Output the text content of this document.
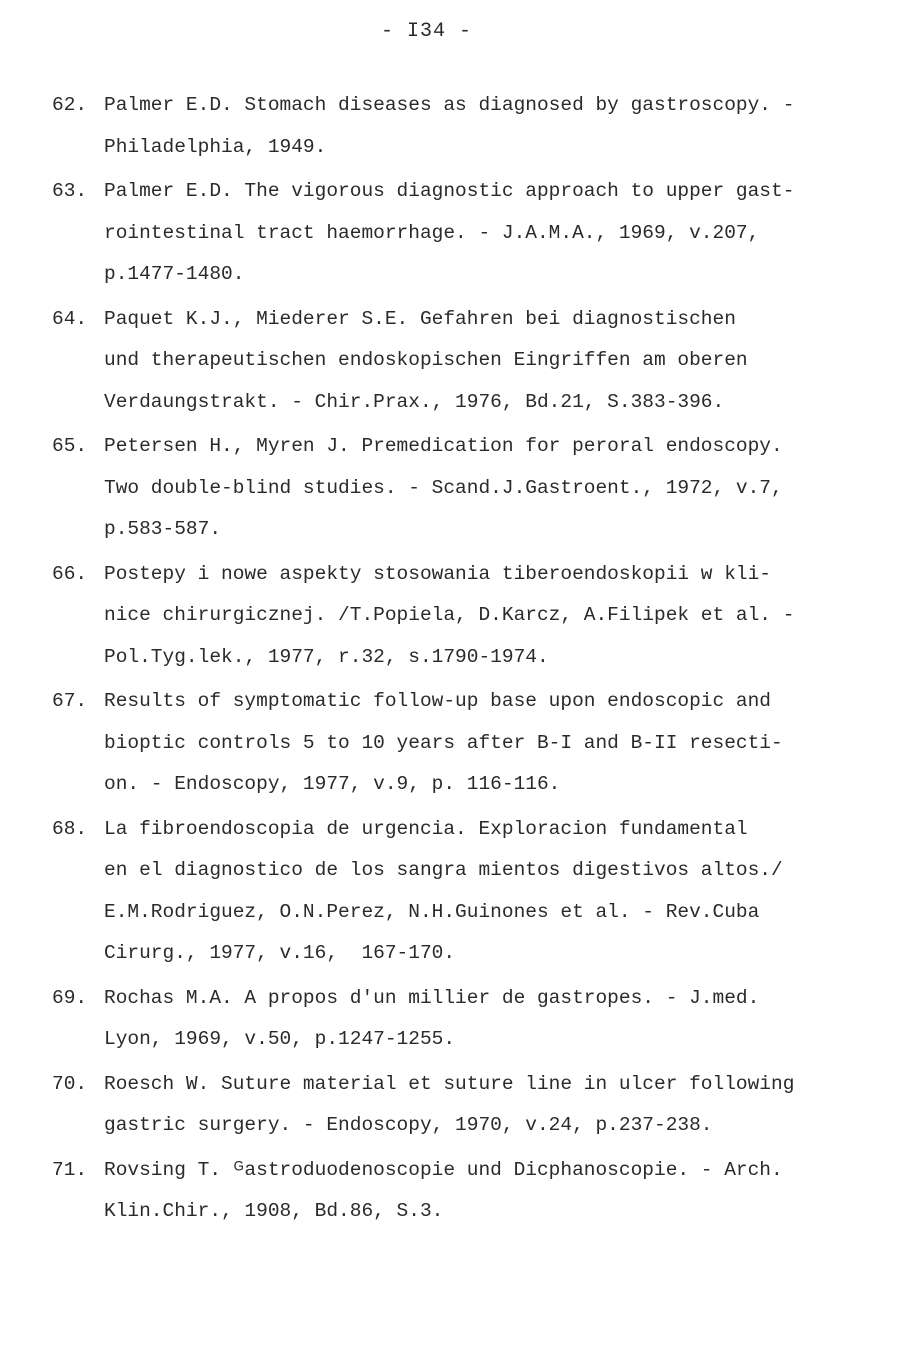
- I34 -
62. Palmer E.D. Stomach diseases as diagnosed by gastroscopy. -
Philadelphia, 1949.
63. Palmer E.D. The vigorous diagnostic approach to upper gast-
rointestinal tract haemorrhage. - J.A.M.A., 1969, v.207,
p.1477-1480.
64. Paquet K.J., Miederer S.E. Gefahren bei diagnostischen
und therapeutischen endoskopischen Eingriffen am oberen
Verdaungstrakt. - Chir.Prax., 1976, Bd.21, S.383-396.
65. Petersen H., Myren J. Premedication for peroral endoscopy.
Two double-blind studies. - Scand.J.Gastroent., 1972, v.7,
p.583-587.
66. Postepy i nowe aspekty stosowania tiberoendoskopii w kli-
nice chirurgicznej. /T.Popiela, D.Karcz, A.Filipek et al. -
Pol.Tyg.lek., 1977, r.32, s.1790-1974.
67. Results of symptomatic follow-up base upon endoscopic and
bioptic controls 5 to 10 years after B-I and B-II resecti-
on. - Endoscopy, 1977, v.9, p. 116-116.
68. La fibroendoscopia de urgencia. Exploracion fundamental
en el diagnostico de los sangra mientos digestivos altos./
E.M.Rodriguez, O.N.Perez, N.H.Guinones et al. - Rev.Cuba
Cirurg., 1977, v.16,  167-170.
69. Rochas M.A. A propos d'un millier de gastropes. - J.med.
Lyon, 1969, v.50, p.1247-1255.
70. Roesch W. Suture material et suture line in ulcer following
gastric surgery. - Endoscopy, 1970, v.24, p.237-238.
71. Rovsing T. ᴳastroduodenoscopie und Dicphanoscopie. - Arch.
Klin.Chir., 1908, Bd.86, S.3.
